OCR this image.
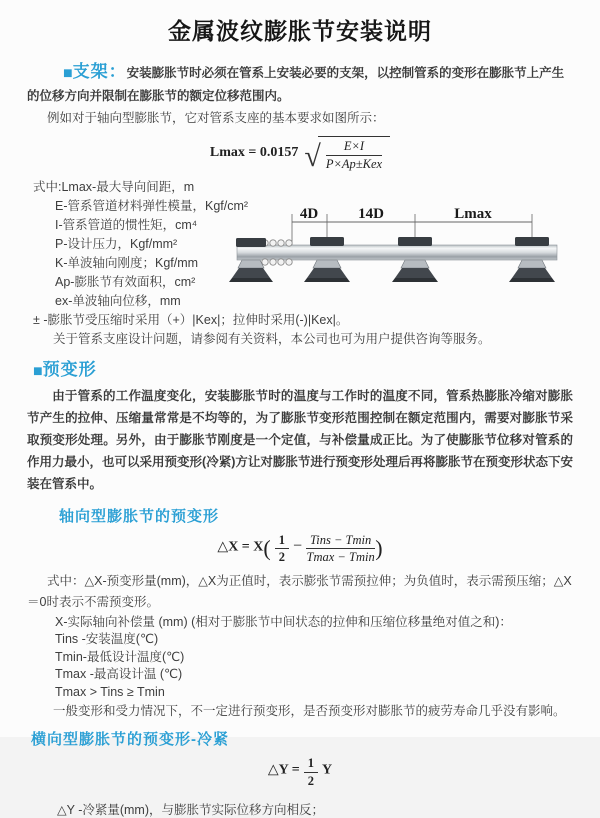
金属波纹膨胀节安装说明

■支架：安装膨胀节时必须在管系上安装必要的支架，以控制管系的变形在膨胀节上产生的位移方向并限制在膨胀节的额定位移范围内。

例如对于轴向型膨胀节，它对管系支座的基本要求如图所示：

Lmax = 0.0157 √
$\frac{E\times I}{\text{P×Ap±Kex}}$

式中:Lmax-最大导向间距，m

E-管系管道材料弹性模量，Kgf/cm²

I-管系管道的惯性矩，cm⁴

P-设计压力，Kgf/mm²

K-单波轴向刚度；Kgf/mm

Ap-膨胀节有效面积，cm²

ex-单波轴向位移，mm

± -膨胀节受压缩时采用（+）|Kex|；拉伸时采用(-)|Kex|。

关于管系支座设计问题，请参阅有关资料，本公司也可为用户提供咨询等服务。

4D	14D	Lmax

■预变形

由于管系的工作温度变化，安装膨胀节时的温度与工作时的温度不同，管系热膨胀冷缩对膨胀节产生的拉伸、压缩量常常是不均等的，为了膨胀节变形范围控制在额定范围内，需要对膨胀节采取预变形处理。另外，由于膨胀节刚度是一个定值，与补偿量成正比。为了使膨胀节位移对管系的作用力最小，也可以采用预变形(冷紧)方让对膨胀节进行预变形处理后再将膨胀节在预变形状态下安装在管系中。

轴向型膨胀节的预变形
△X = $X( \frac{1}{2} - \frac{\text{Tins − Tmin}}{Tmax - Tmin}$ )

式中：△X-预变形量(mm)，△X为正值时，表示膨张节需预拉伸；为负值时，表示需预压缩；△X＝0时表示不需预变形。

X-实际轴向补偿量 (mm) (相对于膨胀节中间状态的拉伸和压缩位移量绝对值之和)：

Tins -安装温度(℃)

Tmin-最低设计温度(℃)

Tmax -最高设计温 (℃)

Tmax > Tins ≥ Tmin

一般变形和受力情况下，不一定进行预变形，是否预变形对膨胀节的疲劳寿命几乎没有影响。

横向型膨胀节的预变形-冷紧
△Y = $\frac{1}{2}$ Y

△Y -冷紧量(mm)，与膨胀节实际位移方向相反；
